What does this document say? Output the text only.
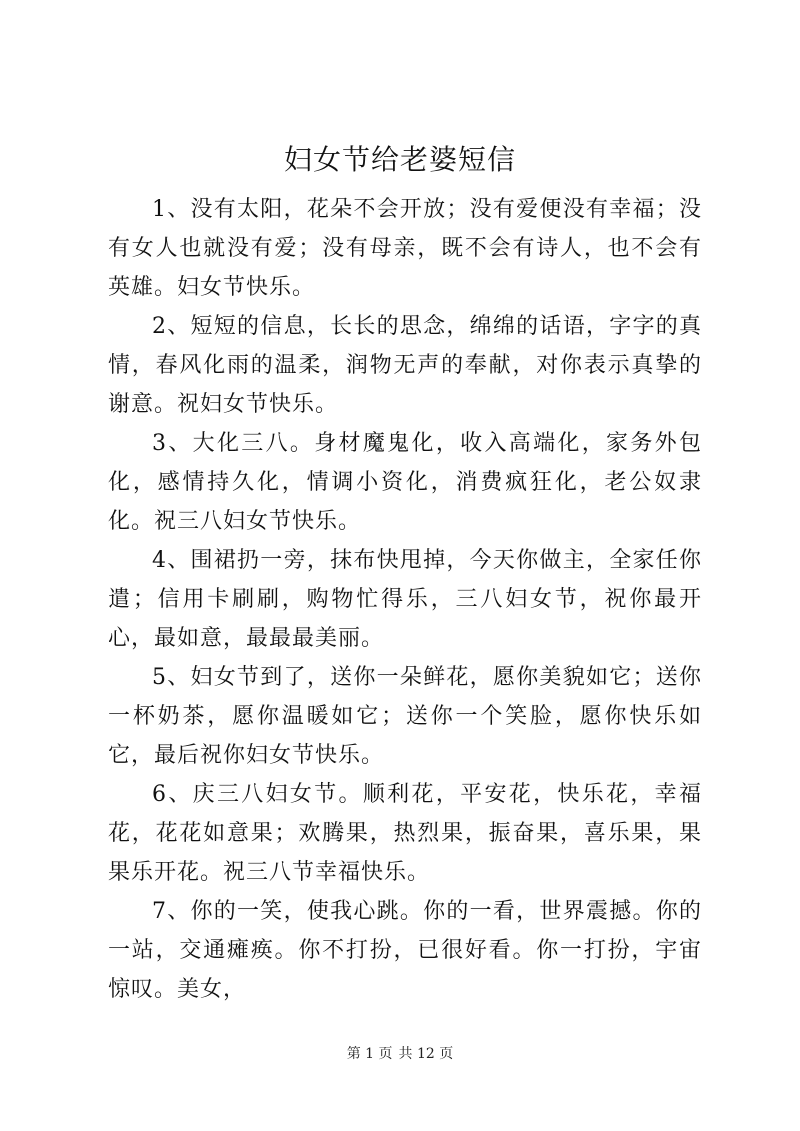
妇女节给老婆短信

1、没有太阳，花朵不会开放；没有爱便没有幸福；没有女人也就没有爱；没有母亲，既不会有诗人，也不会有英雄。妇女节快乐。

2、短短的信息，长长的思念，绵绵的话语，字字的真情，春风化雨的温柔，润物无声的奉献，对你表示真挚的谢意。祝妇女节快乐。

3、大化三八。身材魔鬼化，收入高端化，家务外包化，感情持久化，情调小资化，消费疯狂化，老公奴隶化。祝三八妇女节快乐。

4、围裙扔一旁，抹布快甩掉，今天你做主，全家任你遣；信用卡刷刷，购物忙得乐，三八妇女节，祝你最开心，最如意，最最最美丽。

5、妇女节到了，送你一朵鲜花，愿你美貌如它；送你一杯奶茶，愿你温暖如它；送你一个笑脸，愿你快乐如它，最后祝你妇女节快乐。

6、庆三八妇女节。顺利花，平安花，快乐花，幸福花，花花如意果；欢腾果，热烈果，振奋果，喜乐果，果果乐开花。祝三八节幸福快乐。

7、你的一笑，使我心跳。你的一看，世界震撼。你的一站，交通瘫痪。你不打扮，已很好看。你一打扮，宇宙惊叹。美女，

第 1 页 共 12 页
